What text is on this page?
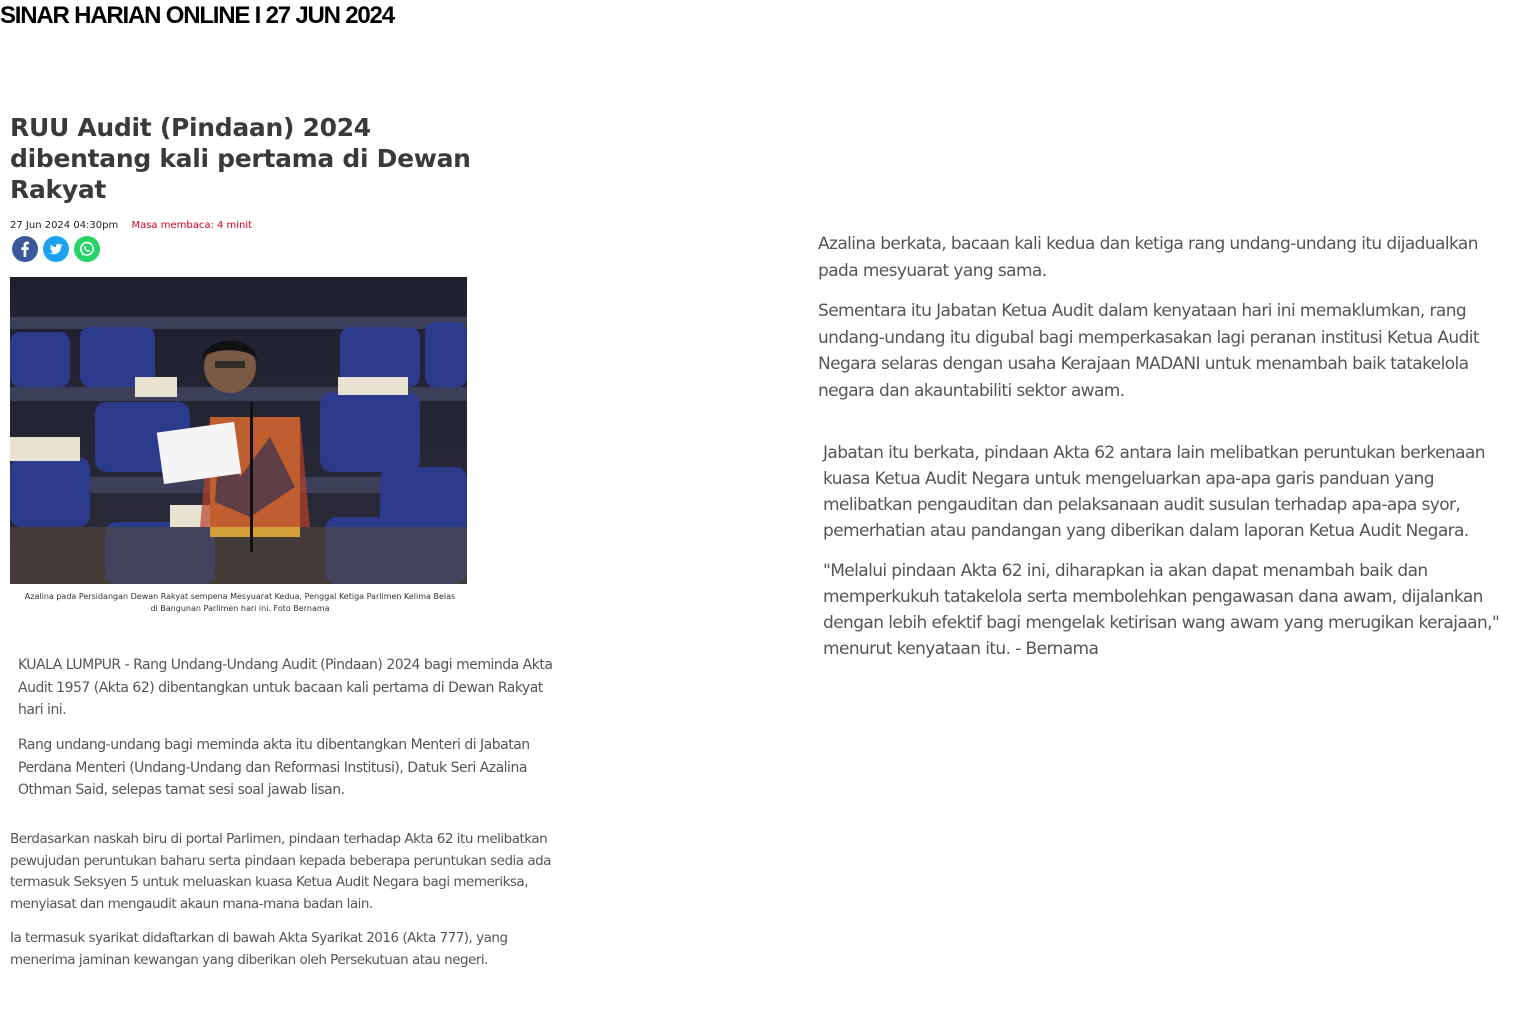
SINAR HARIAN ONLINE I 27 JUN 2024
RUU Audit (Pindaan) 2024 dibentang kali pertama di Dewan Rakyat
27 Jun 2024 04:30pm Masa membaca: 4 minit
Azalina pada Persidangan Dewan Rakyat sempena Mesyuarat Kedua, Penggal Ketiga Parlimen Kelima Belas di Bangunan Parlimen hari ini. Foto Bernama

KUALA LUMPUR - Rang Undang-Undang Audit (Pindaan) 2024 bagi meminda Akta Audit 1957 (Akta 62) dibentangkan untuk bacaan kali pertama di Dewan Rakyat hari ini.

Rang undang-undang bagi meminda akta itu dibentangkan Menteri di Jabatan Perdana Menteri (Undang-Undang dan Reformasi Institusi), Datuk Seri Azalina Othman Said, selepas tamat sesi soal jawab lisan.

Berdasarkan naskah biru di portal Parlimen, pindaan terhadap Akta 62 itu melibatkan pewujudan peruntukan baharu serta pindaan kepada beberapa peruntukan sedia ada termasuk Seksyen 5 untuk meluaskan kuasa Ketua Audit Negara bagi memeriksa, menyiasat dan mengaudit akaun mana-mana badan lain.

Ia termasuk syarikat didaftarkan di bawah Akta Syarikat 2016 (Akta 777), yang menerima jaminan kewangan yang diberikan oleh Persekutuan atau negeri.

Azalina berkata, bacaan kali kedua dan ketiga rang undang-undang itu dijadualkan pada mesyuarat yang sama.

Sementara itu Jabatan Ketua Audit dalam kenyataan hari ini memaklumkan, rang undang-undang itu digubal bagi memperkasakan lagi peranan institusi Ketua Audit Negara selaras dengan usaha Kerajaan MADANI untuk menambah baik tatakelola negara dan akauntabiliti sektor awam.

Jabatan itu berkata, pindaan Akta 62 antara lain melibatkan peruntukan berkenaan kuasa Ketua Audit Negara untuk mengeluarkan apa-apa garis panduan yang melibatkan pengauditan dan pelaksanaan audit susulan terhadap apa-apa syor, pemerhatian atau pandangan yang diberikan dalam laporan Ketua Audit Negara.

"Melalui pindaan Akta 62 ini, diharapkan ia akan dapat menambah baik dan memperkukuh tatakelola serta membolehkan pengawasan dana awam, dijalankan dengan lebih efektif bagi mengelak ketirisan wang awam yang merugikan kerajaan," menurut kenyataan itu. - Bernama
